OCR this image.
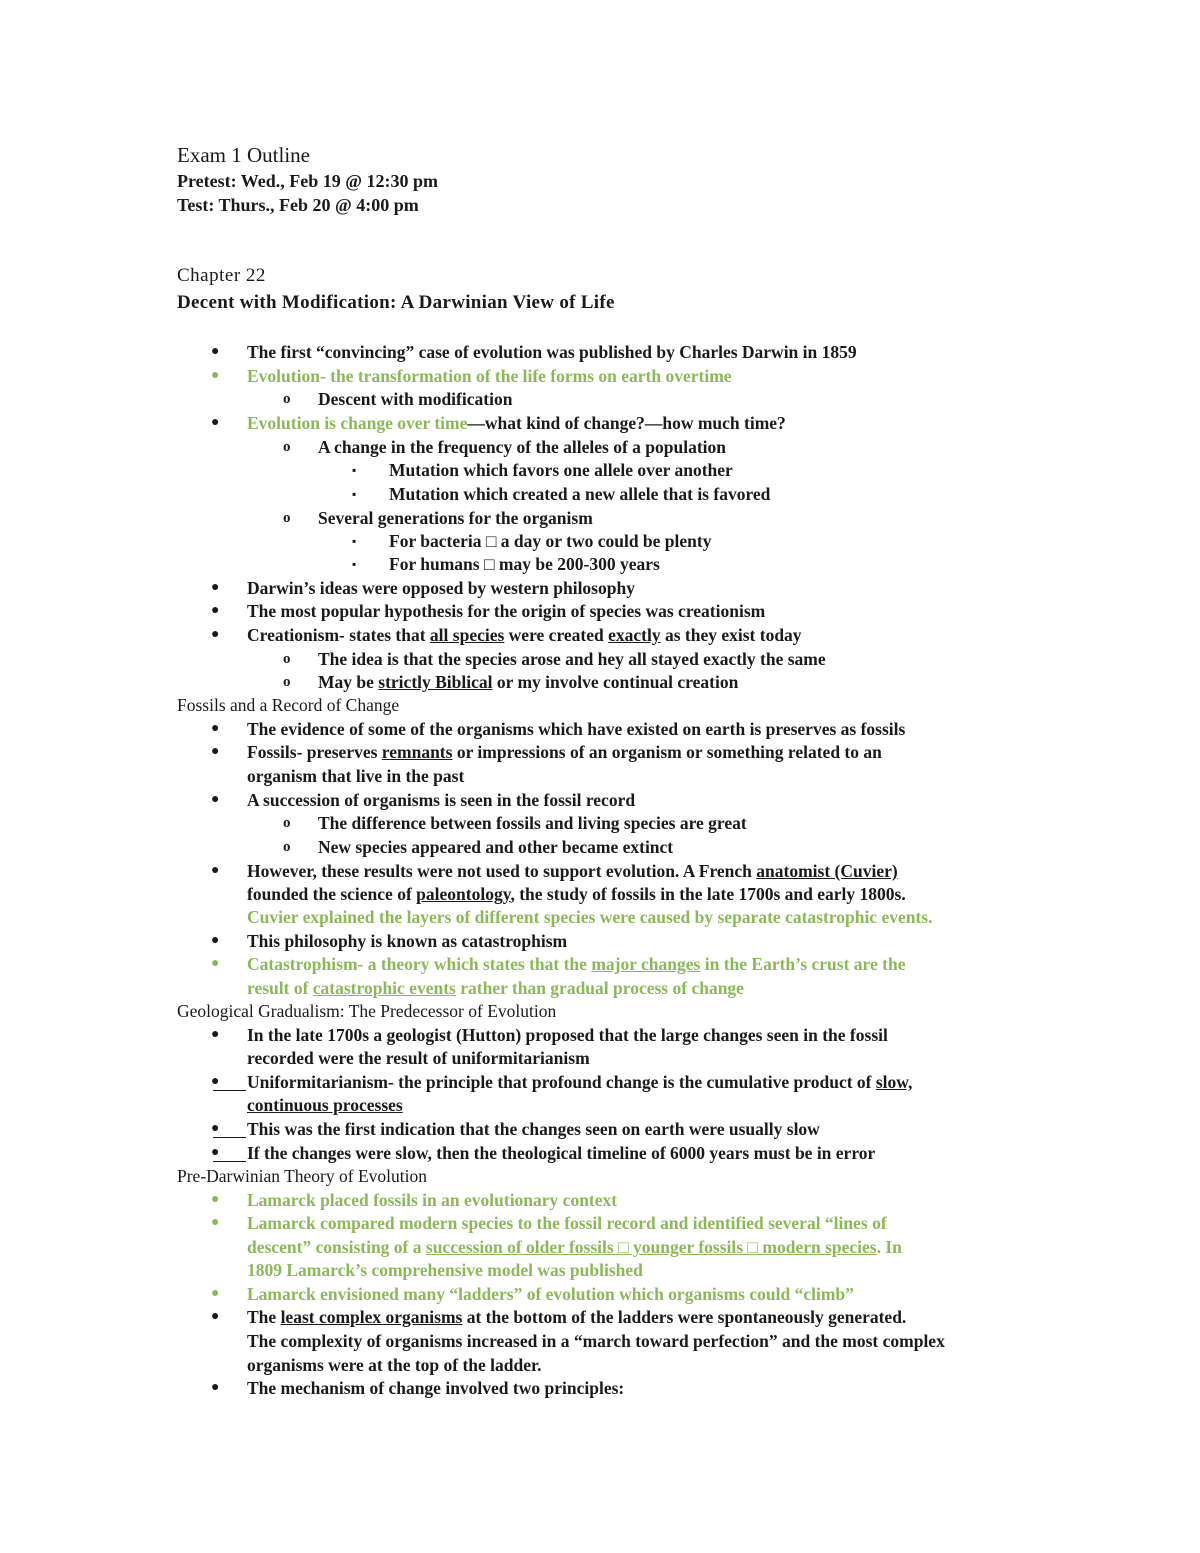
Exam 1 Outline
Pretest: Wed., Feb 19 @ 12:30 pm
Test: Thurs., Feb 20 @ 4:00 pm
Chapter 22
Decent with Modification: A Darwinian View of Life
● The first “convincing” case of evolution was published by Charles Darwin in 1859
● Evolution- the transformation of the life forms on earth overtime
o Descent with modification
● Evolution is change over time—what kind of change?—how much time?
o A change in the frequency of the alleles of a population
▪ Mutation which favors one allele over another
▪ Mutation which created a new allele that is favored
o Several generations for the organism
▪ For bacteria □ a day or two could be plenty
▪ For humans □ may be 200-300 years
● Darwin’s ideas were opposed by western philosophy
● The most popular hypothesis for the origin of species was creationism
● Creationism- states that all species were created exactly as they exist today
o The idea is that the species arose and hey all stayed exactly the same
o May be strictly Biblical or my involve continual creation
Fossils and a Record of Change
● The evidence of some of the organisms which have existed on earth is preserves as fossils
● Fossils- preserves remnants or impressions of an organism or something related to an
organism that live in the past
● A succession of organisms is seen in the fossil record
o The difference between fossils and living species are great
o New species appeared and other became extinct
● However, these results were not used to support evolution. A French anatomist (Cuvier)
founded the science of paleontology, the study of fossils in the late 1700s and early 1800s.
Cuvier explained the layers of different species were caused by separate catastrophic events.
● This philosophy is known as catastrophism
● Catastrophism- a theory which states that the major changes in the Earth’s crust are the
result of catastrophic events rather than gradual process of change
Geological Gradualism: The Predecessor of Evolution
● In the late 1700s a geologist (Hutton) proposed that the large changes seen in the fossil
recorded were the result of uniformitarianism
● Uniformitarianism- the principle that profound change is the cumulative product of slow,
continuous processes
● This was the first indication that the changes seen on earth were usually slow
● If the changes were slow, then the theological timeline of 6000 years must be in error
Pre-Darwinian Theory of Evolution
● Lamarck placed fossils in an evolutionary context
● Lamarck compared modern species to the fossil record and identified several “lines of
descent” consisting of a succession of older fossils □ younger fossils □ modern species. In
1809 Lamarck’s comprehensive model was published
● Lamarck envisioned many “ladders” of evolution which organisms could “climb”
● The least complex organisms at the bottom of the ladders were spontaneously generated.
The complexity of organisms increased in a “march toward perfection” and the most complex
organisms were at the top of the ladder.
● The mechanism of change involved two principles:
